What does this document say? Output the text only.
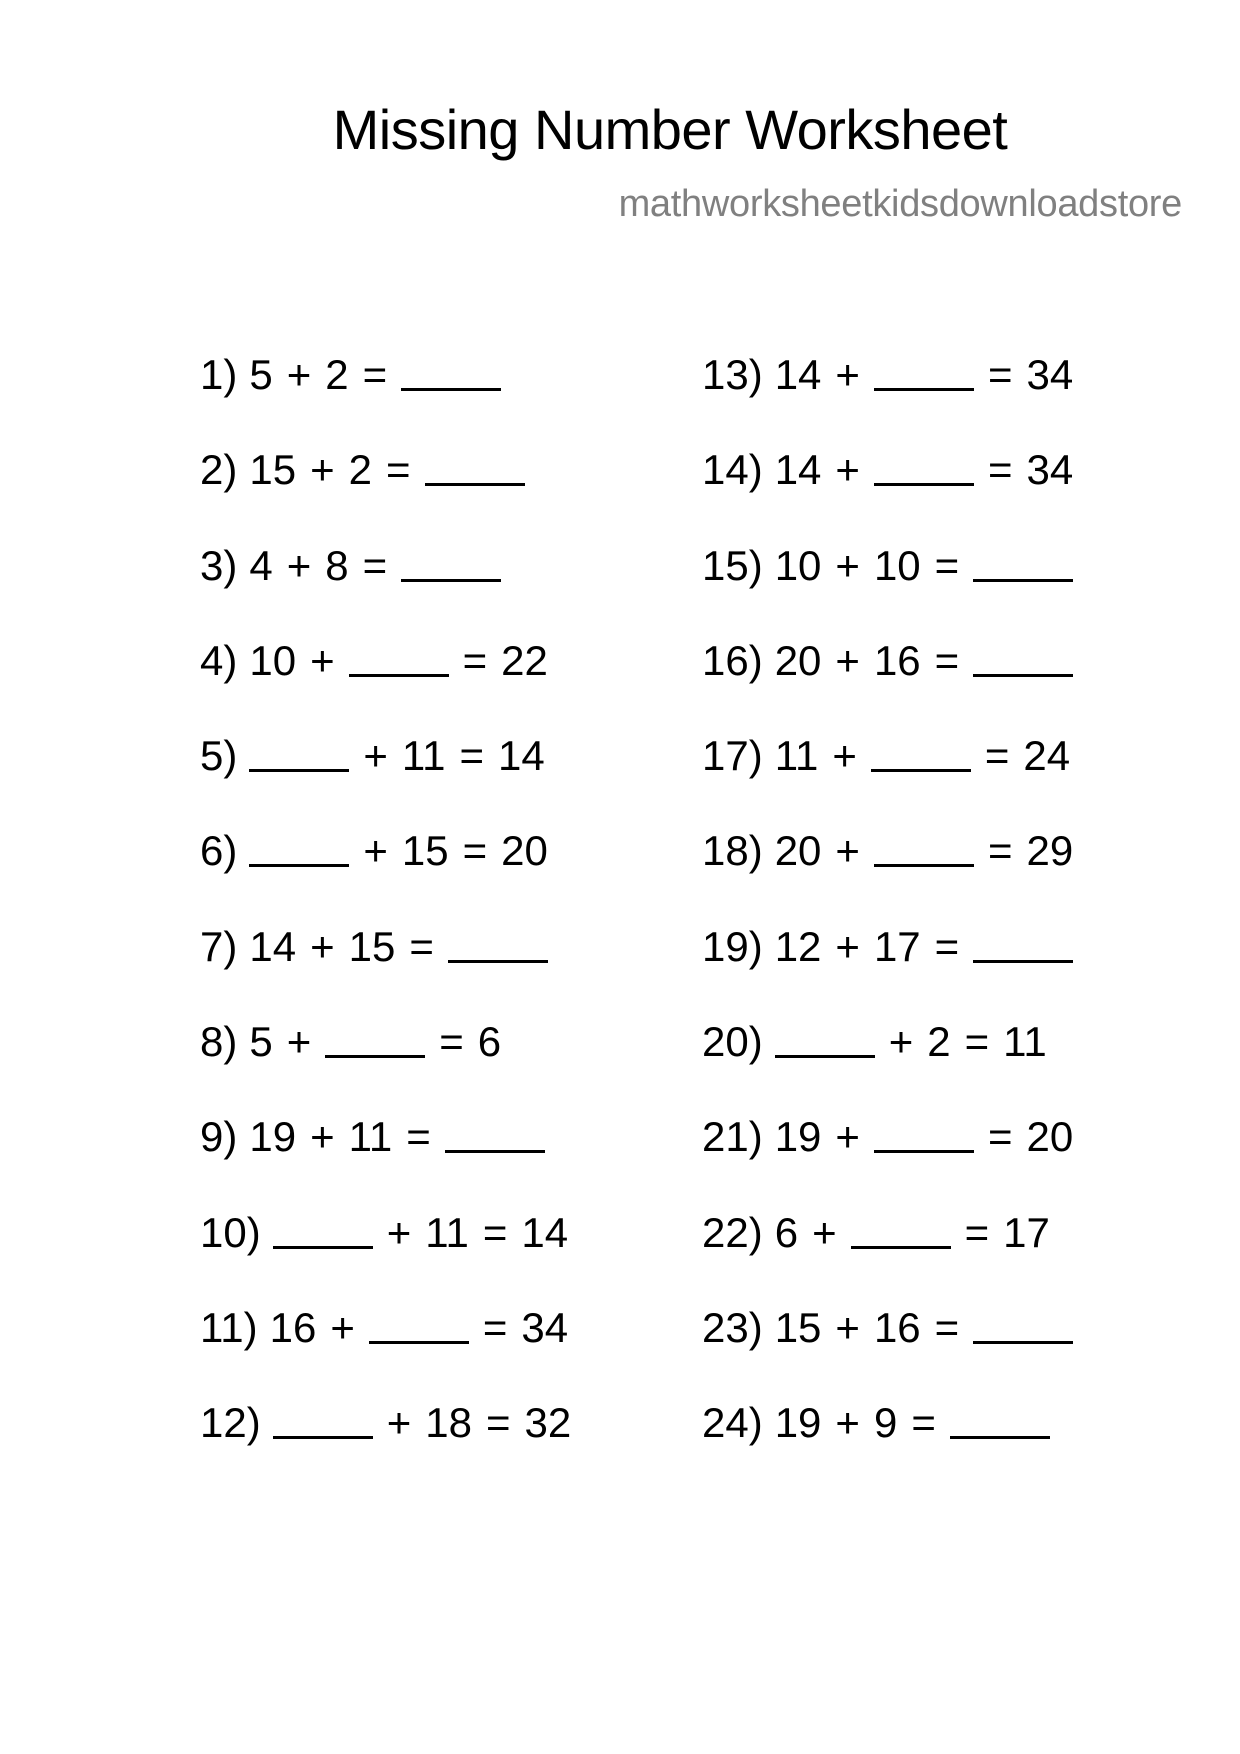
Missing Number Worksheet
mathworksheetkidsdownloadstore
1) 5 + 2 =
2) 15 + 2 =
3) 4 + 8 =
4) 10 +	= 22
5)	+ 11 = 14
6)	+ 15 = 20
7) 14 + 15 =
8) 5 +	= 6
9) 19 + 11 =
10)	+ 11 = 14
11) 16 +	= 34
12)	+ 18 = 32
13) 14 +	= 34
14) 14 +	= 34
15) 10 + 10 =
16) 20 + 16 =
17) 11 +	= 24
18) 20 +	= 29
19) 12 + 17 =
20)	+ 2 = 11
21) 19 +	= 20
22) 6 +	= 17
23) 15 + 16 =
24) 19 + 9 =
